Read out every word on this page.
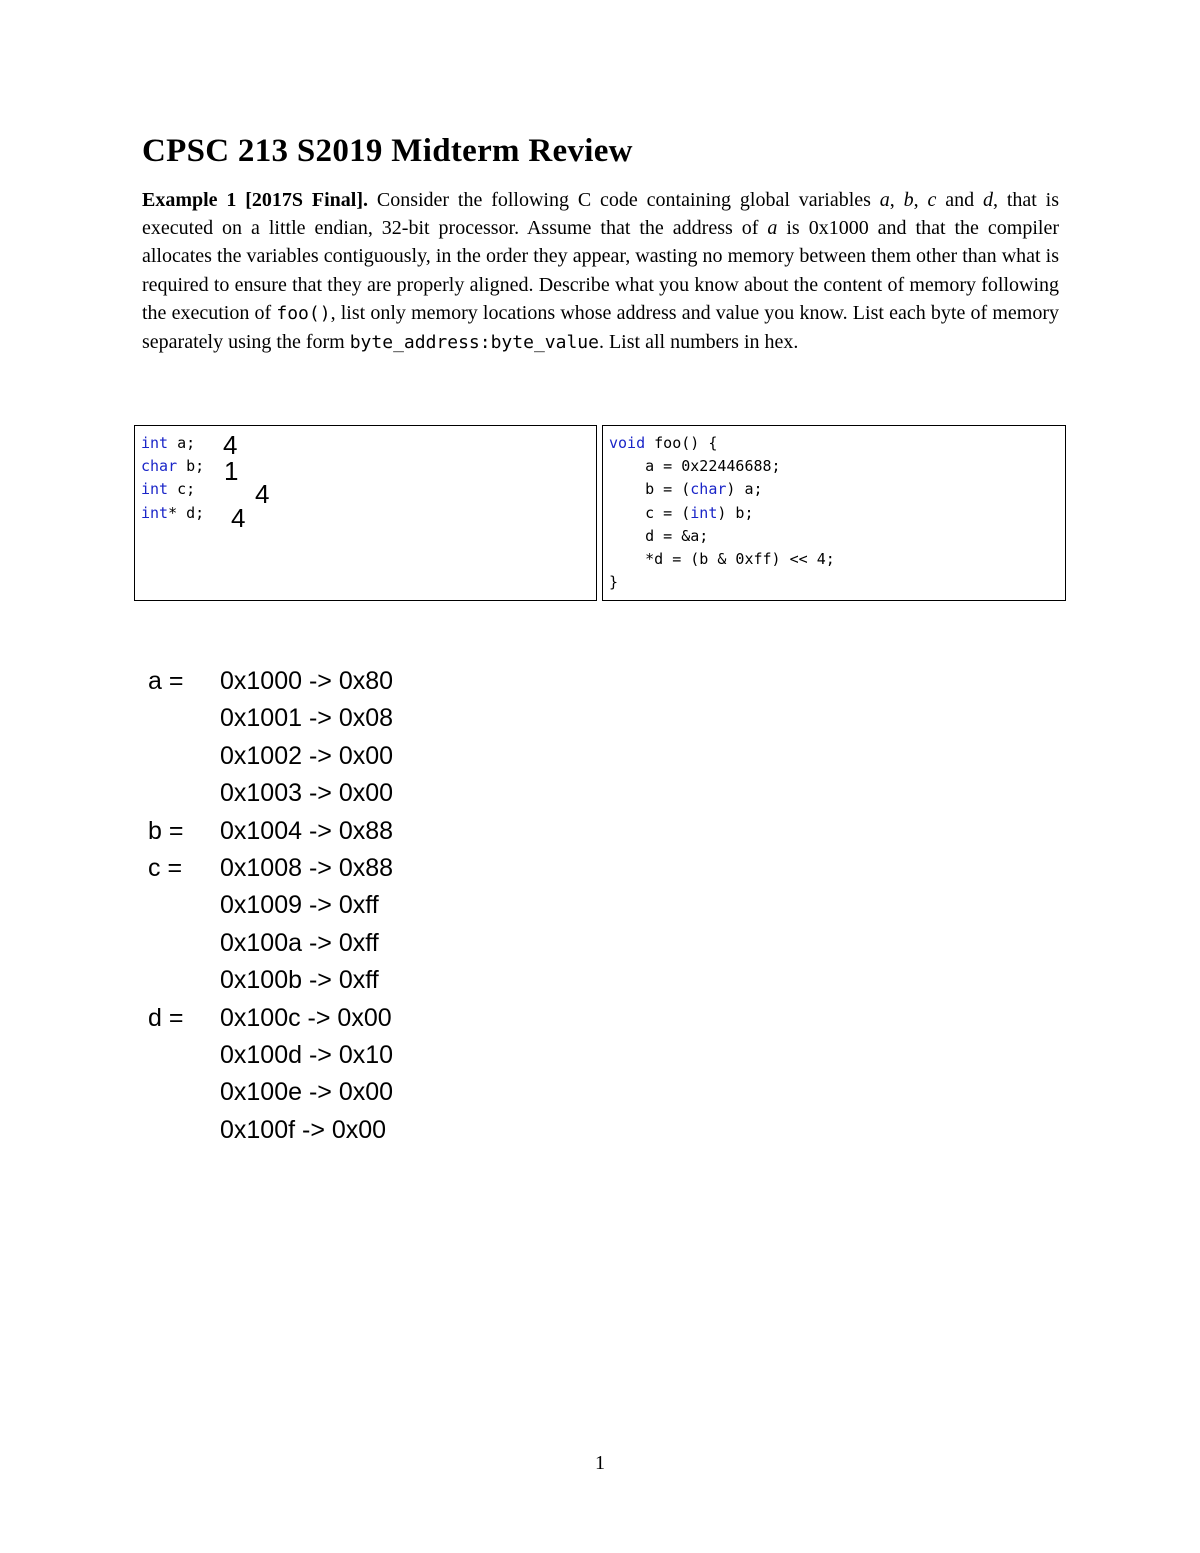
CPSC 213 S2019 Midterm Review
Example 1 [2017S Final]. Consider the following C code containing global variables a, b, c and d, that is executed on a little endian, 32-bit processor. Assume that the address of a is 0x1000 and that the compiler allocates the variables contiguously, in the order they appear, wasting no memory between them other than what is required to ensure that they are properly aligned. Describe what you know about the content of memory following the execution of foo(), list only memory locations whose address and value you know. List each byte of memory separately using the form byte_address:byte_value. List all numbers in hex.
int a;
char b;
int c;
int* d;
void foo() {
a = 0x22446688;
b = (char) a;
c = (int) b;
d = &a;
*d = (b & 0xff) << 4;
}
4
1
4
4
a = 0x1000 -> 0x80
0x1001 -> 0x08
0x1002 -> 0x00
0x1003 -> 0x00
b = 0x1004 -> 0x88
c = 0x1008 -> 0x88
0x1009 -> 0xff
0x100a -> 0xff
0x100b -> 0xff
d = 0x100c -> 0x00
0x100d -> 0x10
0x100e -> 0x00
0x100f -> 0x00
1
